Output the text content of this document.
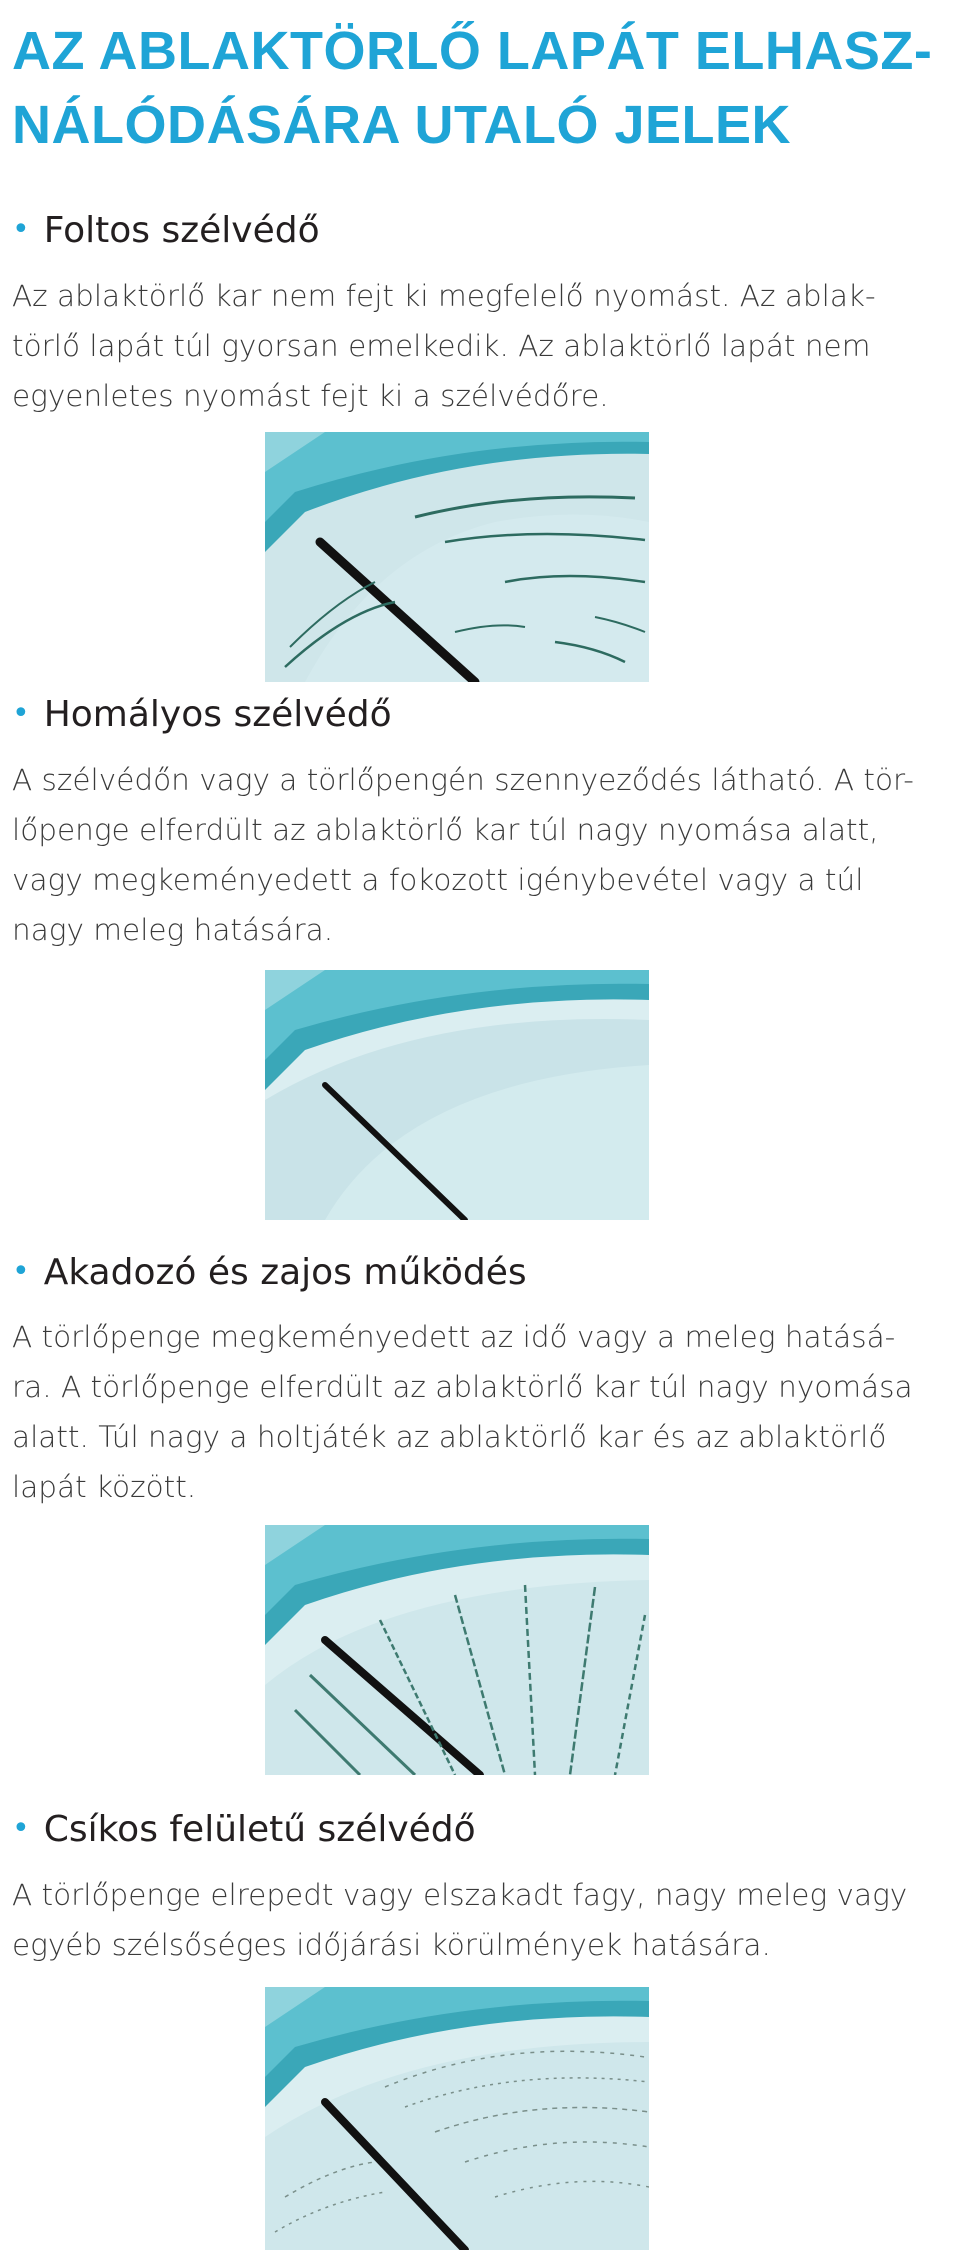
AZ ABLAKTÖRLŐ LAPÁT ELHASZ-
NÁLÓDÁSÁRA UTALÓ JELEK
• Foltos szélvédő

Az ablaktörlő kar nem fejt ki megfelelő nyomást. Az ablak-
törlő lapát túl gyorsan emelkedik. Az ablaktörlő lapát nem
egyenletes nyomást fejt ki a szélvédőre.

• Homályos szélvédő

A szélvédőn vagy a törlőpengén szennyeződés látható. A tör-
lőpenge elferdült az ablaktörlő kar túl nagy nyomása alatt,
vagy megkeményedett a fokozott igénybevétel vagy a túl
nagy meleg hatására.

• Akadozó és zajos működés

A törlőpenge megkeményedett az idő vagy a meleg hatásá-
ra. A törlőpenge elferdült az ablaktörlő kar túl nagy nyomása
alatt. Túl nagy a holtjáték az ablaktörlő kar és az ablaktörlő
lapát között.

• Csíkos felületű szélvédő

A törlőpenge elrepedt vagy elszakadt fagy, nagy meleg vagy
egyéb szélsőséges időjárási körülmények hatására.
